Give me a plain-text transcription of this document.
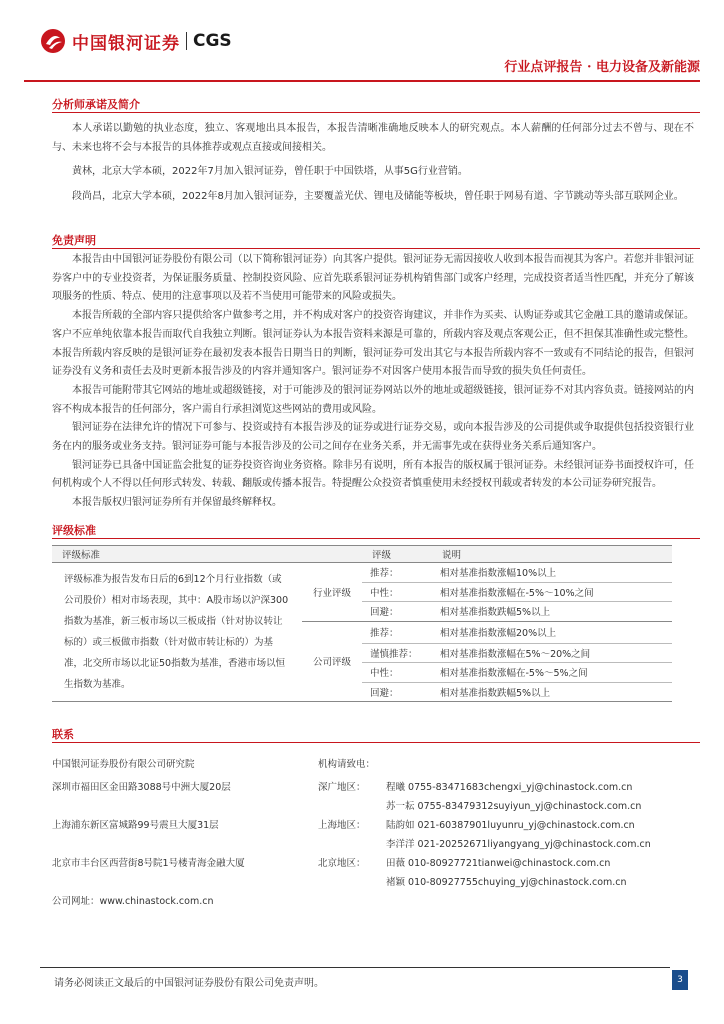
中国银河证券 CGS
行业点评报告 · 电力设备及新能源
分析师承诺及简介

本人承诺以勤勉的执业态度，独立、客观地出具本报告，本报告清晰准确地反映本人的研究观点。本人薪酬的任何部分过去不曾与、现在不与、未来也将不会与本报告的具体推荐或观点直接或间接相关。

黄林，北京大学本硕，2022年7月加入银河证券，曾任职于中国铁塔，从事5G行业营销。

段尚昌，北京大学本硕，2022年8月加入银河证券，主要覆盖光伏、锂电及储能等板块，曾任职于网易有道、字节跳动等头部互联网企业。

免责声明

本报告由中国银河证券股份有限公司（以下简称银河证券）向其客户提供。银河证券无需因接收人收到本报告而视其为客户。若您并非银河证券客户中的专业投资者，为保证服务质量、控制投资风险、应首先联系银河证券机构销售部门或客户经理，完成投资者适当性匹配，并充分了解该项服务的性质、特点、使用的注意事项以及若不当使用可能带来的风险或损失。

本报告所载的全部内容只提供给客户做参考之用，并不构成对客户的投资咨询建议，并非作为买卖、认购证券或其它金融工具的邀请或保证。客户不应单纯依靠本报告而取代自我独立判断。银河证券认为本报告资料来源是可靠的，所载内容及观点客观公正，但不担保其准确性或完整性。本报告所载内容反映的是银河证券在最初发表本报告日期当日的判断，银河证券可发出其它与本报告所载内容不一致或有不同结论的报告，但银河证券没有义务和责任去及时更新本报告涉及的内容并通知客户。银河证券不对因客户使用本报告而导致的损失负任何责任。

本报告可能附带其它网站的地址或超级链接，对于可能涉及的银河证券网站以外的地址或超级链接，银河证券不对其内容负责。链接网站的内容不构成本报告的任何部分，客户需自行承担浏览这些网站的费用或风险。

银河证券在法律允许的情况下可参与、投资或持有本报告涉及的证券或进行证券交易，或向本报告涉及的公司提供或争取提供包括投资银行业务在内的服务或业务支持。银河证券可能与本报告涉及的公司之间存在业务关系，并无需事先或在获得业务关系后通知客户。

银河证券已具备中国证监会批复的证券投资咨询业务资格。除非另有说明，所有本报告的版权属于银河证券。未经银河证券书面授权许可，任何机构或个人不得以任何形式转发、转载、翻版或传播本报告。特提醒公众投资者慎重使用未经授权刊载或者转发的本公司证券研究报告。

本报告版权归银河证券所有并保留最终解释权。

评级标准
评级标准	评级		说明
评级标准为报告发布日后的6到12个月行业指数（或公司股价）相对市场表现，其中：A股市场以沪深300指数为基准，新三板市场以三板成指（针对协议转让标的）或三板做市指数（针对做市转让标的）为基准，北交所市场以北证50指数为基准，香港市场以恒生指数为基准。	行业评级	推荐：	相对基准指数涨幅10%以上
		中性：	相对基准指数涨幅在-5%～10%之间
		回避：	相对基准指数跌幅5%以上
	公司评级	推荐：	相对基准指数涨幅20%以上
		谨慎推荐：	相对基准指数涨幅在5%～20%之间
		中性：	相对基准指数涨幅在-5%～5%之间
		回避：	相对基准指数跌幅5%以上
联系
中国银河证券股份有限公司研究院	机构请致电：
深圳市福田区金田路3088号中洲大厦20层	深广地区： 程曦 0755-83471683chengxi_yj@chinastock.com.cn
苏一耘 0755-83479312suyiyun_yj@chinastock.com.cn
上海浦东新区富城路99号震旦大厦31层	上海地区： 陆韵如 021-60387901luyunru_yj@chinastock.com.cn
李洋洋 021-20252671liyangyang_yj@chinastock.com.cn
北京市丰台区西营街8号院1号楼青海金融大厦	北京地区： 田薇 010-80927721tianwei@chinastock.com.cn
褚颖 010-80927755chuying_yj@chinastock.com.cn
公司网址：www.chinastock.com.cn
请务必阅读正文最后的中国银河证券股份有限公司免责声明。	3
